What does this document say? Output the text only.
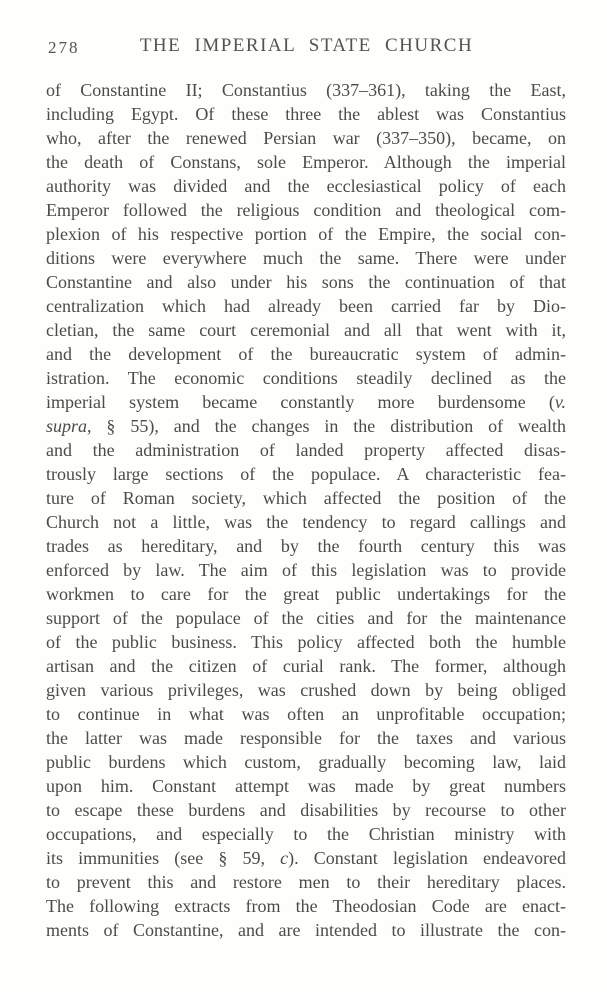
278	THE IMPERIAL STATE CHURCH
of Constantine II; Constantius (337–361), taking the East,
including Egypt. Of these three the ablest was Constantius
who, after the renewed Persian war (337–350), became, on
the death of Constans, sole Emperor. Although the imperial
authority was divided and the ecclesiastical policy of each
Emperor followed the religious condition and theological com-
plexion of his respective portion of the Empire, the social con-
ditions were everywhere much the same. There were under
Constantine and also under his sons the continuation of that
centralization which had already been carried far by Dio-
cletian, the same court ceremonial and all that went with it,
and the development of the bureaucratic system of admin-
istration. The economic conditions steadily declined as the
imperial system became constantly more burdensome (v.
supra, § 55), and the changes in the distribution of wealth
and the administration of landed property affected disas-
trously large sections of the populace. A characteristic fea-
ture of Roman society, which affected the position of the
Church not a little, was the tendency to regard callings and
trades as hereditary, and by the fourth century this was
enforced by law. The aim of this legislation was to provide
workmen to care for the great public undertakings for the
support of the populace of the cities and for the maintenance
of the public business. This policy affected both the humble
artisan and the citizen of curial rank. The former, although
given various privileges, was crushed down by being obliged
to continue in what was often an unprofitable occupation;
the latter was made responsible for the taxes and various
public burdens which custom, gradually becoming law, laid
upon him. Constant attempt was made by great numbers
to escape these burdens and disabilities by recourse to other
occupations, and especially to the Christian ministry with
its immunities (see § 59, c). Constant legislation endeavored
to prevent this and restore men to their hereditary places.
The following extracts from the Theodosian Code are enact-
ments of Constantine, and are intended to illustrate the con-
